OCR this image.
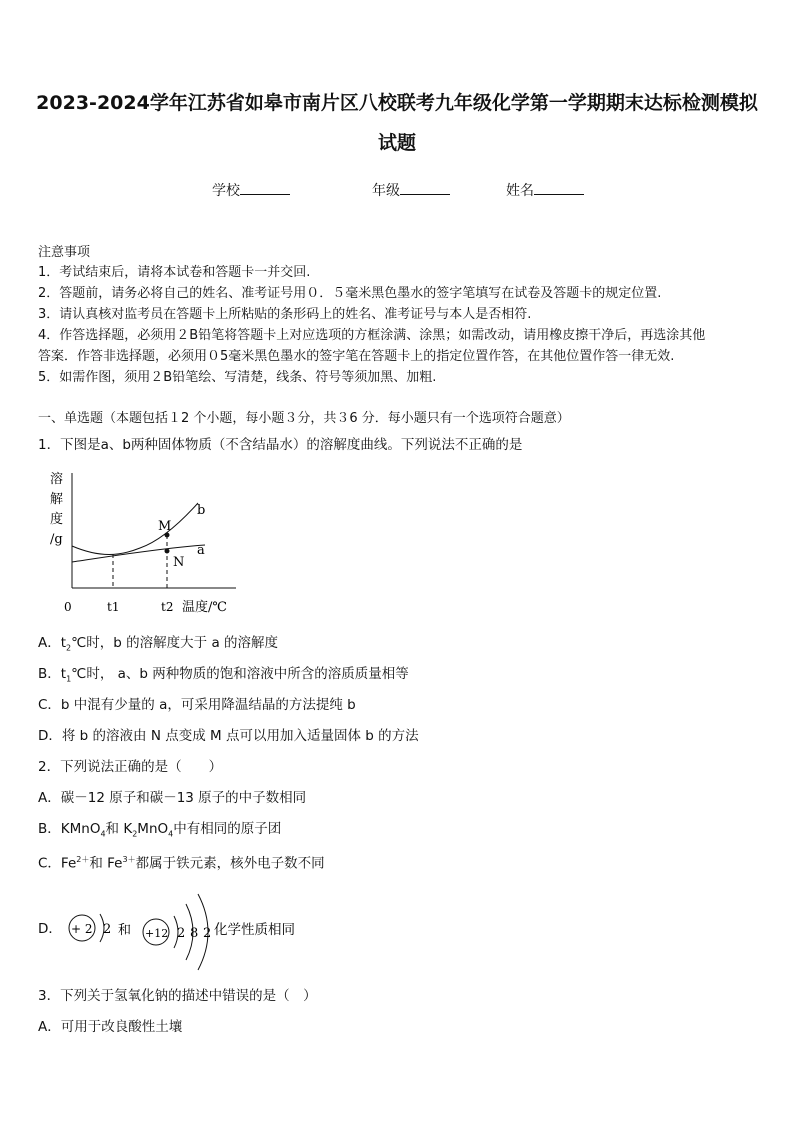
2023-2024学年江苏省如皋市南片区八校联考九年级化学第一学期期末达标检测模拟
试题
学校	年级	姓名
注意事项
1．考试结束后，请将本试卷和答题卡一并交回.
2．答题前，请务必将自己的姓名、准考证号用０．５毫米黑色墨水的签字笔填写在试卷及答题卡的规定位置.
3．请认真核对监考员在答题卡上所粘贴的条形码上的姓名、准考证号与本人是否相符.
4．作答选择题，必须用２B铅笔将答题卡上对应选项的方框涂满、涂黑；如需改动，请用橡皮擦干净后，再选涂其他
答案．作答非选择题，必须用０5毫米黑色墨水的签字笔在答题卡上的指定位置作答，在其他位置作答一律无效.
5．如需作图，须用２B铅笔绘、写清楚，线条、符号等须加黑、加粗.
一、单选题（本题包括１2 个小题，每小题３分，共３6 分．每小题只有一个选项符合题意）
1．下图是a、b两种固体物质（不含结晶水）的溶解度曲线。下列说法不正确的是
溶
解
度
/g
M
N
b
a
0	t1	t2 温度/℃
A．$t_2℃$时，b 的溶解度大于 a 的溶解度
B．$t_1℃$时， a、b 两种物质的饱和溶液中所含的溶质质量相等
C．b 中混有少量的 a，可采用降温结晶的方法提纯 b
D．将 b 的溶液由 N 点变成 M 点可以用加入适量固体 b 的方法
2．下列说法正确的是（　　）
A．碳－12 原子和碳－13 原子的中子数相同
B．KMnO$_4$和 $K_2MnO_4$中有相同的原子团
C．$Fe^{2+}$和 $Fe^{3+}$都属于铁元素，核外电子数不同
D． + 2 2 和 +12 2 8 2 化学性质相同
3．下列关于氢氧化钠的描述中错误的是（　）
A．可用于改良酸性土壤
